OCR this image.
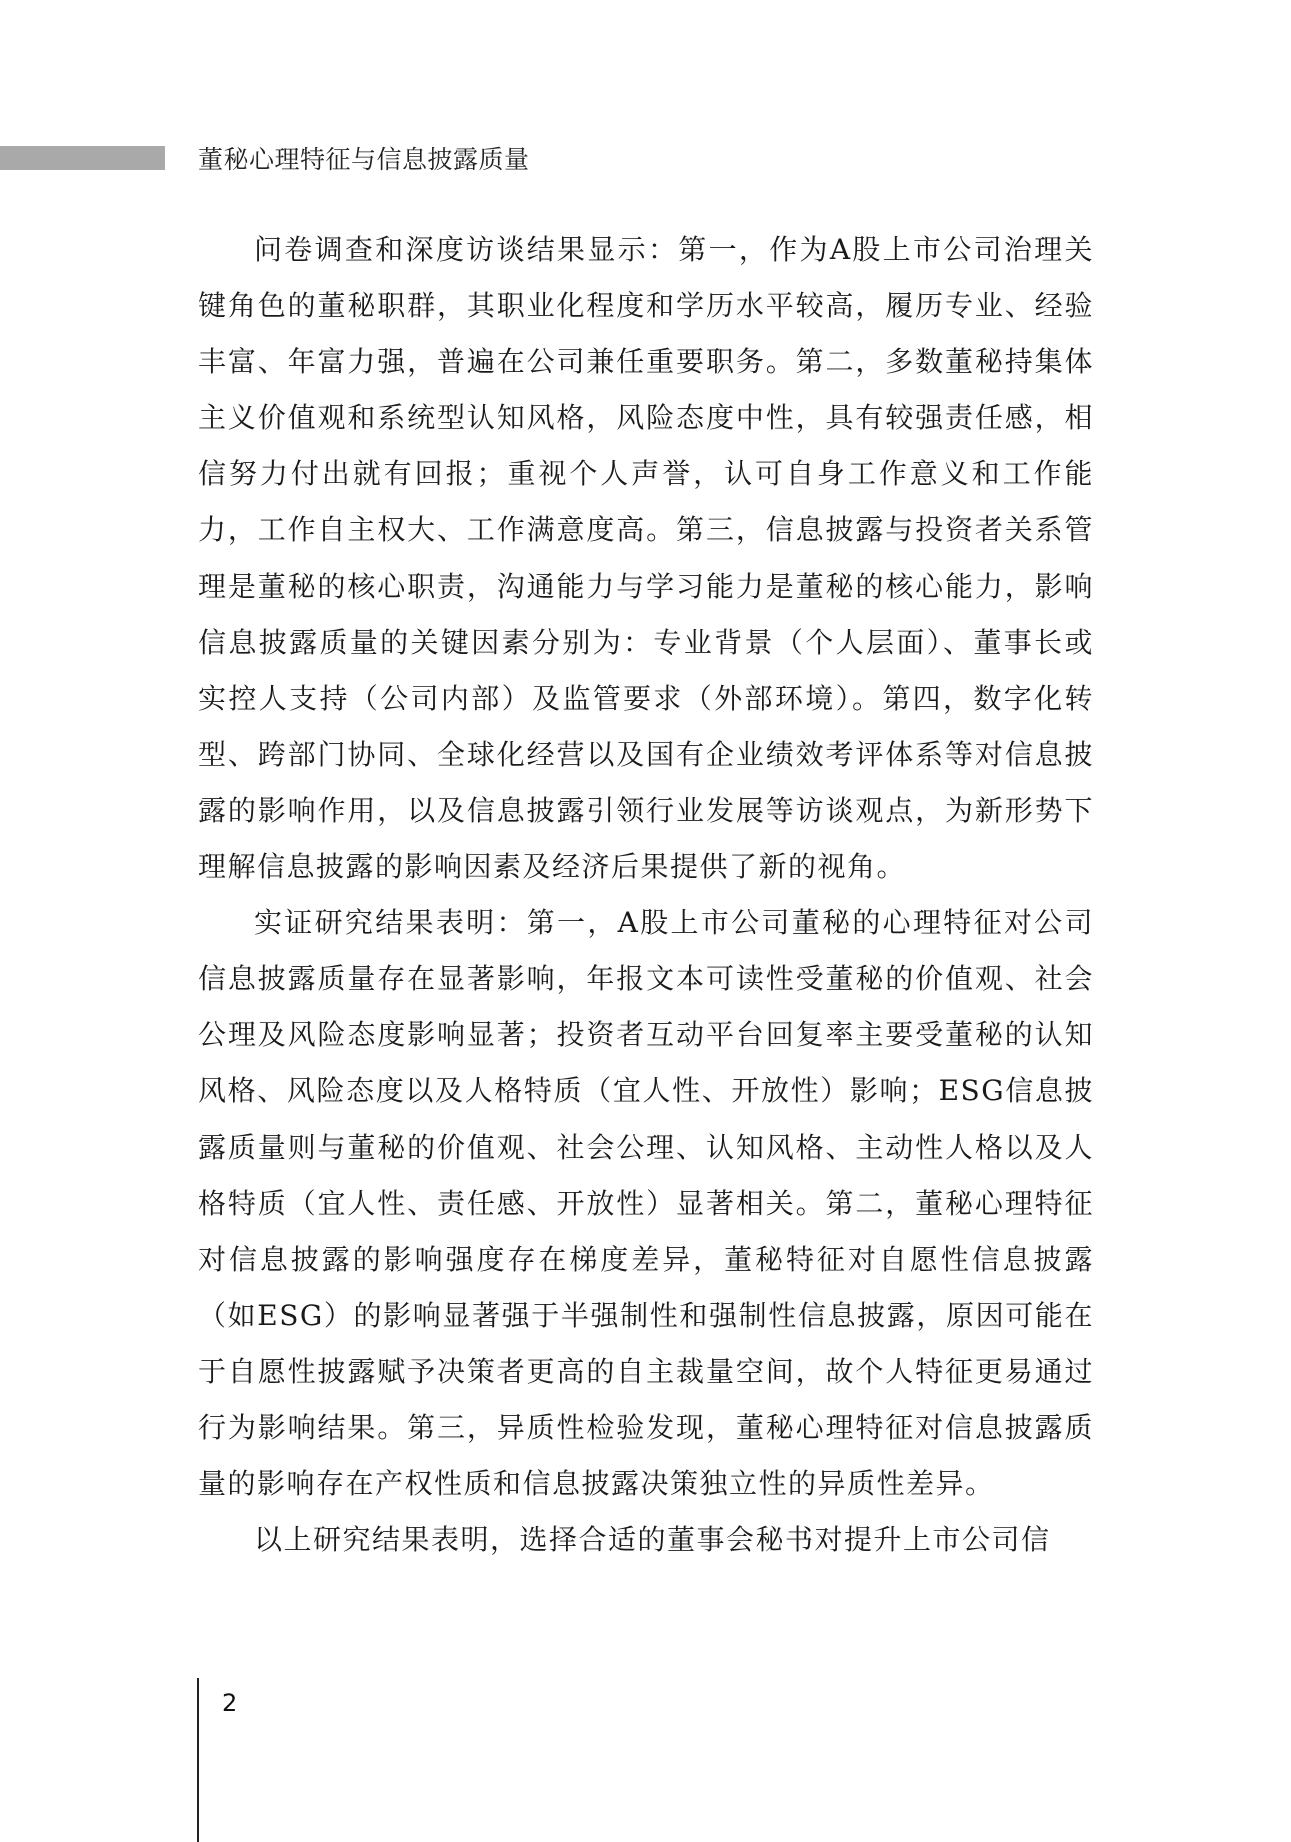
董秘心理特征与信息披露质量

问卷调查和深度访谈结果显示：第一，作为A股上市公司治理关键角色的董秘职群，其职业化程度和学历水平较高，履历专业、经验丰富、年富力强，普遍在公司兼任重要职务。第二，多数董秘持集体主义价值观和系统型认知风格，风险态度中性，具有较强责任感，相信努力付出就有回报；重视个人声誉，认可自身工作意义和工作能力，工作自主权大、工作满意度高。第三，信息披露与投资者关系管理是董秘的核心职责，沟通能力与学习能力是董秘的核心能力，影响信息披露质量的关键因素分别为：专业背景（个人层面）、董事长或实控人支持（公司内部）及监管要求（外部环境）。第四，数字化转型、跨部门协同、全球化经营以及国有企业绩效考评体系等对信息披露的影响作用，以及信息披露引领行业发展等访谈观点，为新形势下理解信息披露的影响因素及经济后果提供了新的视角。

实证研究结果表明：第一，A股上市公司董秘的心理特征对公司信息披露质量存在显著影响，年报文本可读性受董秘的价值观、社会公理及风险态度影响显著；投资者互动平台回复率主要受董秘的认知风格、风险态度以及人格特质（宜人性、开放性）影响；ESG信息披露质量则与董秘的价值观、社会公理、认知风格、主动性人格以及人格特质（宜人性、责任感、开放性）显著相关。第二，董秘心理特征对信息披露的影响强度存在梯度差异，董秘特征对自愿性信息披露（如ESG）的影响显著强于半强制性和强制性信息披露，原因可能在于自愿性披露赋予决策者更高的自主裁量空间，故个人特征更易通过行为影响结果。第三，异质性检验发现，董秘心理特征对信息披露质量的影响存在产权性质和信息披露决策独立性的异质性差异。

以上研究结果表明，选择合适的董事会秘书对提升上市公司信

2
